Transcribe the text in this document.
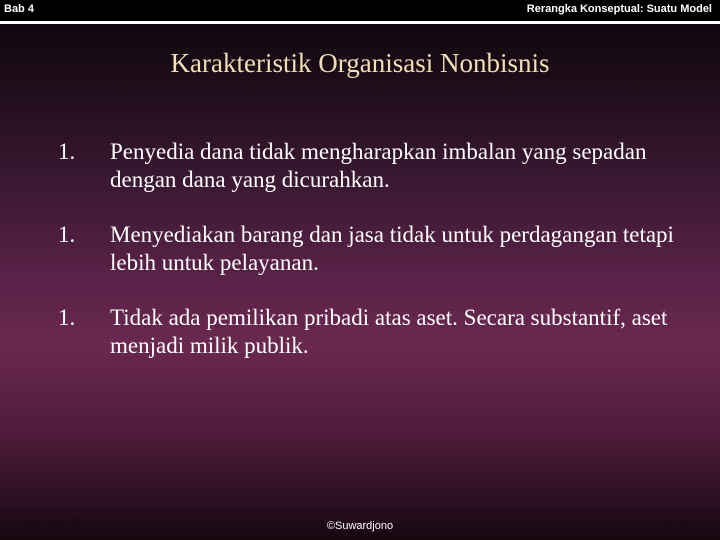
Bab 4	Rerangka Konseptual: Suatu Model
Karakteristik Organisasi Nonbisnis
1. Penyedia dana tidak mengharapkan imbalan yang sepadan dengan dana yang dicurahkan.
1. Menyediakan barang dan jasa tidak untuk perdagangan tetapi lebih untuk pelayanan.
1. Tidak ada pemilikan pribadi atas aset. Secara substantif, aset menjadi milik publik.
05/17/	©Suwardjono	12
